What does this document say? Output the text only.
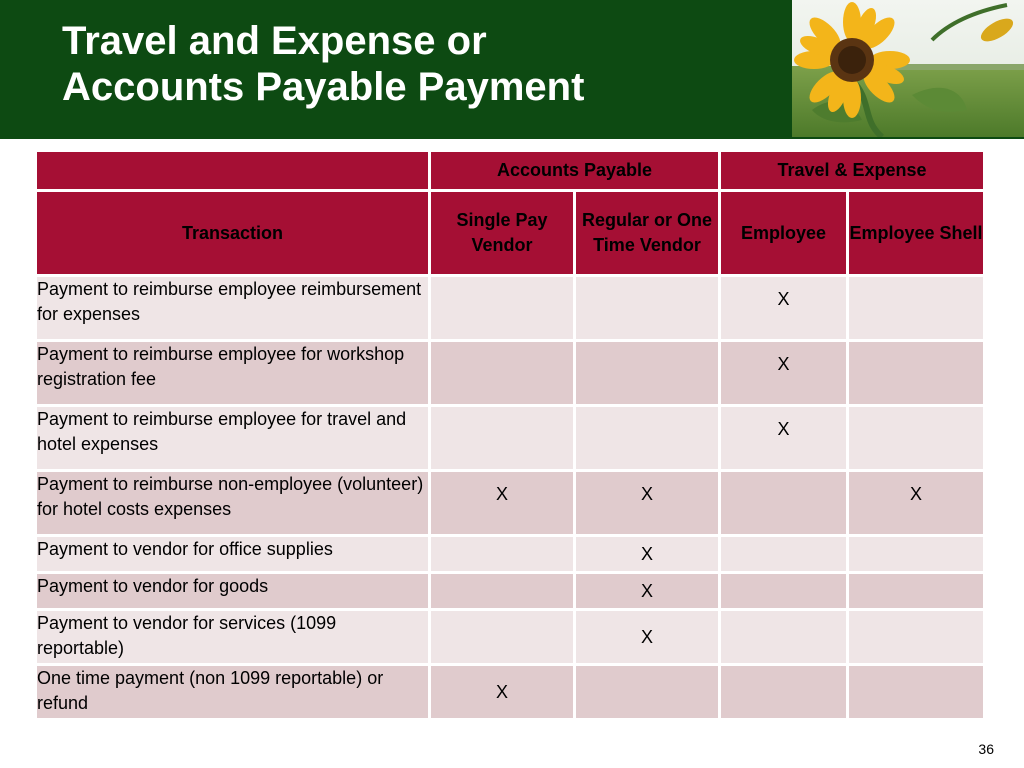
Travel and Expense or
Accounts Payable Payment
	Accounts Payable		Travel & Expense	
Transaction	Single Pay Vendor	Regular or One Time Vendor	Employee	Employee Shell
Payment to reimburse employee reimbursement for expenses			X	
Payment to reimburse employee for workshop registration fee			X	
Payment to reimburse employee for travel and hotel expenses			X	
Payment to reimburse non-employee (volunteer) for hotel costs expenses	X	X		X
Payment to vendor for office supplies		X		
Payment to vendor for goods		X		
Payment to vendor for services (1099 reportable)		X		
One time payment (non 1099 reportable) or refund	X			
36
